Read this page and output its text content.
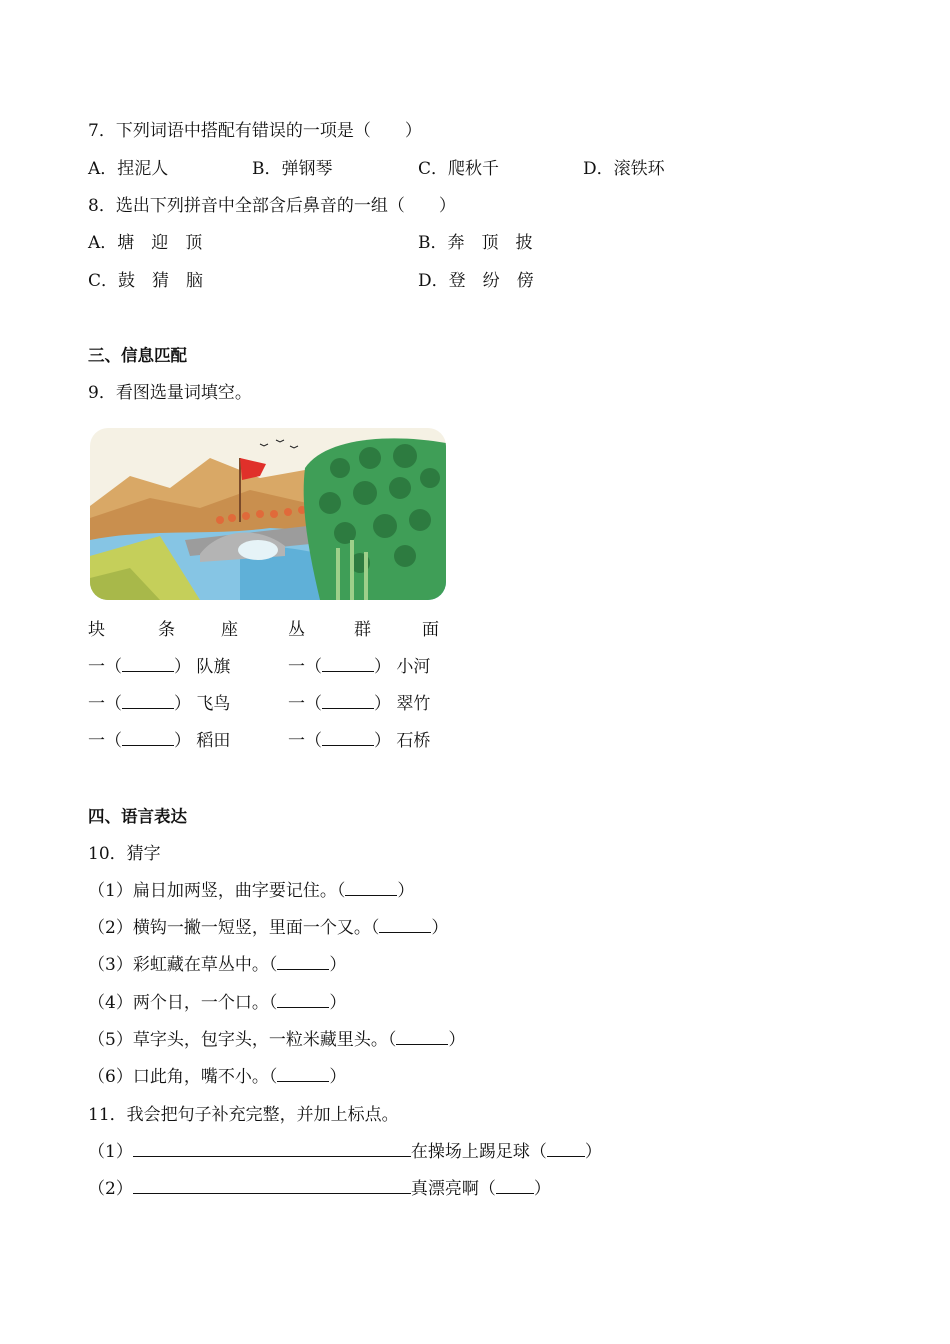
7．下列词语中搭配有错误的一项是（　　）
A．捏泥人	B．弹钢琴	C．爬秋千	D．滚铁环
8．选出下列拼音中全部含后鼻音的一组（　　）
A．塘　迎　顶	B．奔　顶　披
C．鼓　猜　脑	D．登　纷　傍
三、信息匹配
9．看图选量词填空。
块	条	座	丛	群	面
一（	） 队旗	一（	） 小河
一（	） 飞鸟	一（	） 翠竹
一（	） 稻田	一（	） 石桥
四、语言表达
10．猜字
（1）扁日加两竖，曲字要记住。（	）
（2）横钩一撇一短竖，里面一个又。（	）
（3）彩虹藏在草丛中。（	）
（4）两个日，一个口。（	）
（5）草字头，包字头，一粒米藏里头。（	）
（6）口此角，嘴不小。（	）
11．我会把句子补充完整，并加上标点。
（1）	在操场上踢足球（ ）
（2）	真漂亮啊（ ）
